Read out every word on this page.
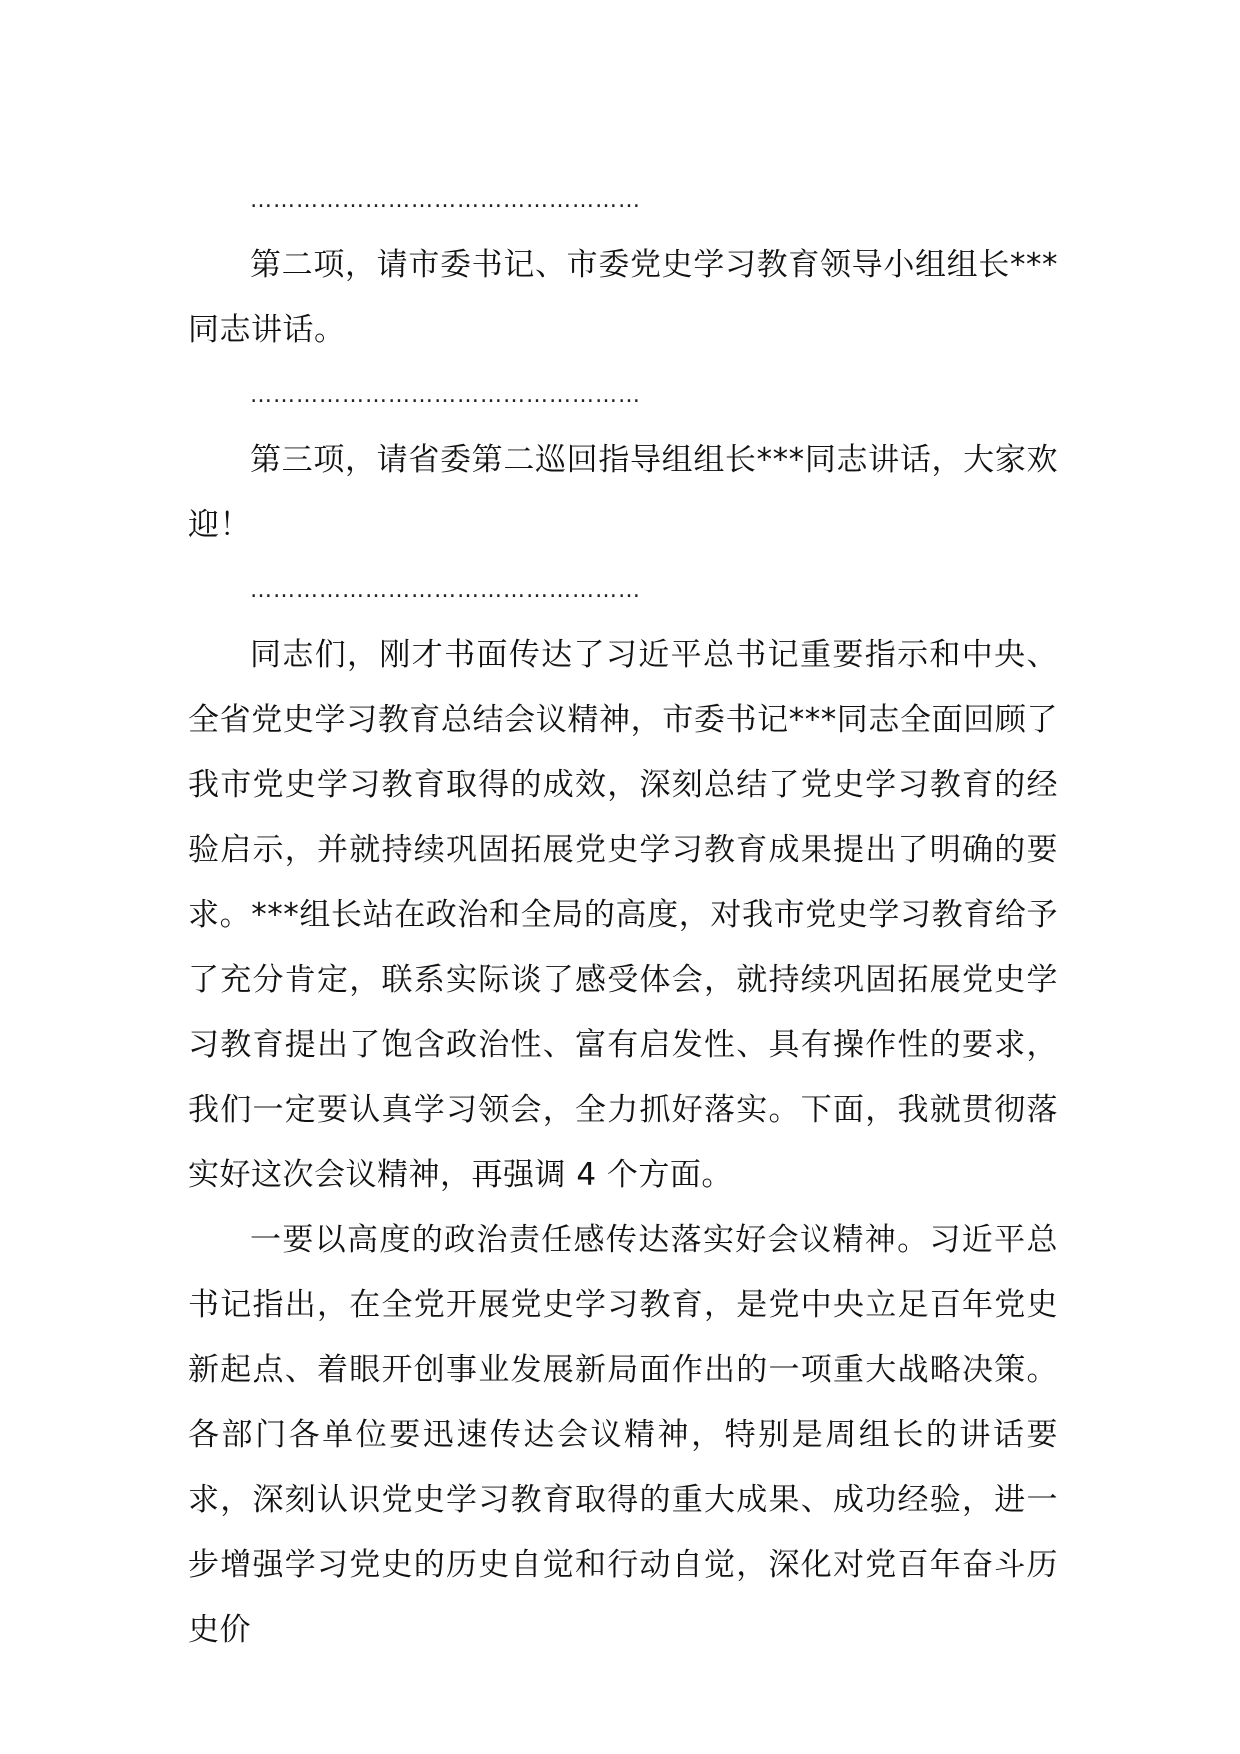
……………………………………………

第二项，请市委书记、市委党史学习教育领导小组组长***同志讲话。

……………………………………………

第三项，请省委第二巡回指导组组长***同志讲话，大家欢迎！

……………………………………………

同志们，刚才书面传达了习近平总书记重要指示和中央、全省党史学习教育总结会议精神，市委书记***同志全面回顾了我市党史学习教育取得的成效，深刻总结了党史学习教育的经验启示，并就持续巩固拓展党史学习教育成果提出了明确的要求。***组长站在政治和全局的高度，对我市党史学习教育给予了充分肯定，联系实际谈了感受体会，就持续巩固拓展党史学习教育提出了饱含政治性、富有启发性、具有操作性的要求，我们一定要认真学习领会，全力抓好落实。下面，我就贯彻落实好这次会议精神，再强调 4 个方面。

一要以高度的政治责任感传达落实好会议精神。习近平总书记指出，在全党开展党史学习教育，是党中央立足百年党史新起点、着眼开创事业发展新局面作出的一项重大战略决策。各部门各单位要迅速传达会议精神，特别是周组长的讲话要求，深刻认识党史学习教育取得的重大成果、成功经验，进一步增强学习党史的历史自觉和行动自觉，深化对党百年奋斗历史价
